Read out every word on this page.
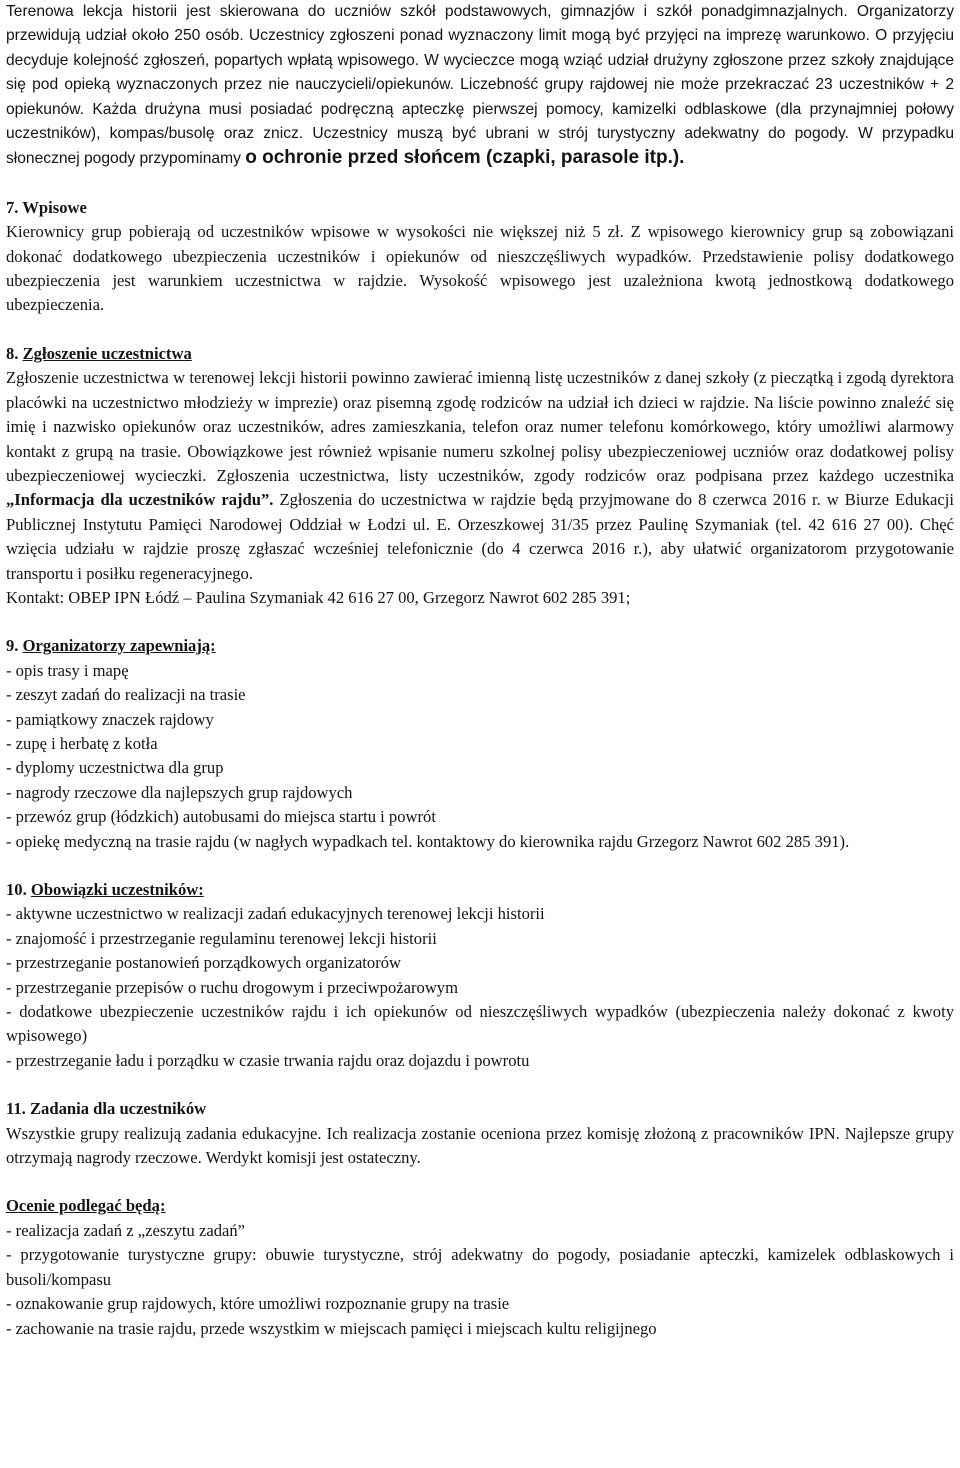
Terenowa lekcja historii jest skierowana do uczniów szkół podstawowych, gimnazjów i szkół ponadgimnazjalnych. Organizatorzy przewidują udział około 250 osób. Uczestnicy zgłoszeni ponad wyznaczony limit mogą być przyjęci na imprezę warunkowo. O przyjęciu decyduje kolejność zgłoszeń, popartych wpłatą wpisowego. W wycieczce mogą wziąć udział drużyny zgłoszone przez szkoły znajdujące się pod opieką wyznaczonych przez nie nauczycieli/opiekunów. Liczebność grupy rajdowej nie może przekraczać 23 uczestników + 2 opiekunów. Każda drużyna musi posiadać podręczną apteczkę pierwszej pomocy, kamizelki odblaskowe (dla przynajmniej połowy uczestników), kompas/busolę oraz znicz. Uczestnicy muszą być ubrani w strój turystyczny adekwatny do pogody. W przypadku słonecznej pogody przypominamy o ochronie przed słońcem (czapki, parasole itp.).

7. Wpisowe

Kierownicy grup pobierają od uczestników wpisowe w wysokości nie większej niż 5 zł. Z wpisowego kierownicy grup są zobowiązani dokonać dodatkowego ubezpieczenia uczestników i opiekunów od nieszczęśliwych wypadków. Przedstawienie polisy dodatkowego ubezpieczenia jest warunkiem uczestnictwa w rajdzie. Wysokość wpisowego jest uzależniona kwotą jednostkową dodatkowego ubezpieczenia.

8. Zgłoszenie uczestnictwa

Zgłoszenie uczestnictwa w terenowej lekcji historii powinno zawierać imienną listę uczestników z danej szkoły (z pieczątką i zgodą dyrektora placówki na uczestnictwo młodzieży w imprezie) oraz pisemną zgodę rodziców na udział ich dzieci w rajdzie. Na liście powinno znaleźć się imię i nazwisko opiekunów oraz uczestników, adres zamieszkania, telefon oraz numer telefonu komórkowego, który umożliwi alarmowy kontakt z grupą na trasie. Obowiązkowe jest również wpisanie numeru szkolnej polisy ubezpieczeniowej uczniów oraz dodatkowej polisy ubezpieczeniowej wycieczki. Zgłoszenia uczestnictwa, listy uczestników, zgody rodziców oraz podpisana przez każdego uczestnika „Informacja dla uczestników rajdu”. Zgłoszenia do uczestnictwa w rajdzie będą przyjmowane do 8 czerwca 2016 r. w Biurze Edukacji Publicznej Instytutu Pamięci Narodowej Oddział w Łodzi ul. E. Orzeszkowej 31/35 przez Paulinę Szymaniak (tel. 42 616 27 00). Chęć wzięcia udziału w rajdzie proszę zgłaszać wcześniej telefonicznie (do 4 czerwca 2016 r.), aby ułatwić organizatorom przygotowanie transportu i posiłku regeneracyjnego.

Kontakt: OBEP IPN Łódź – Paulina Szymaniak 42 616 27 00, Grzegorz Nawrot 602 285 391;

9. Organizatorzy zapewniają:

- opis trasy i mapę
- zeszyt zadań do realizacji na trasie
- pamiątkowy znaczek rajdowy
- zupę i herbatę z kotła
- dyplomy uczestnictwa dla grup
- nagrody rzeczowe dla najlepszych grup rajdowych
- przewóz grup (łódzkich) autobusami do miejsca startu i powrót
- opiekę medyczną na trasie rajdu (w nagłych wypadkach tel. kontaktowy do kierownika rajdu Grzegorz Nawrot 602 285 391).

10. Obowiązki uczestników:

- aktywne uczestnictwo w realizacji zadań edukacyjnych terenowej lekcji historii
- znajomość i przestrzeganie regulaminu terenowej lekcji historii
- przestrzeganie postanowień porządkowych organizatorów
- przestrzeganie przepisów o ruchu drogowym i przeciwpożarowym
- dodatkowe ubezpieczenie uczestników rajdu i ich opiekunów od nieszczęśliwych wypadków (ubezpieczenia należy dokonać z kwoty wpisowego)
- przestrzeganie ładu i porządku w czasie trwania rajdu oraz dojazdu i powrotu

11. Zadania dla uczestników

Wszystkie grupy realizują zadania edukacyjne. Ich realizacja zostanie oceniona przez komisję złożoną z pracowników IPN. Najlepsze grupy otrzymają nagrody rzeczowe. Werdykt komisji jest ostateczny.

Ocenie podlegać będą:

- realizacja zadań z „zeszytu zadań”
- przygotowanie turystyczne grupy: obuwie turystyczne, strój adekwatny do pogody, posiadanie apteczki, kamizelek odblaskowych i busoli/kompasu
- oznakowanie grup rajdowych, które umożliwi rozpoznanie grupy na trasie
- zachowanie na trasie rajdu, przede wszystkim w miejscach pamięci i miejscach kultu religijnego
